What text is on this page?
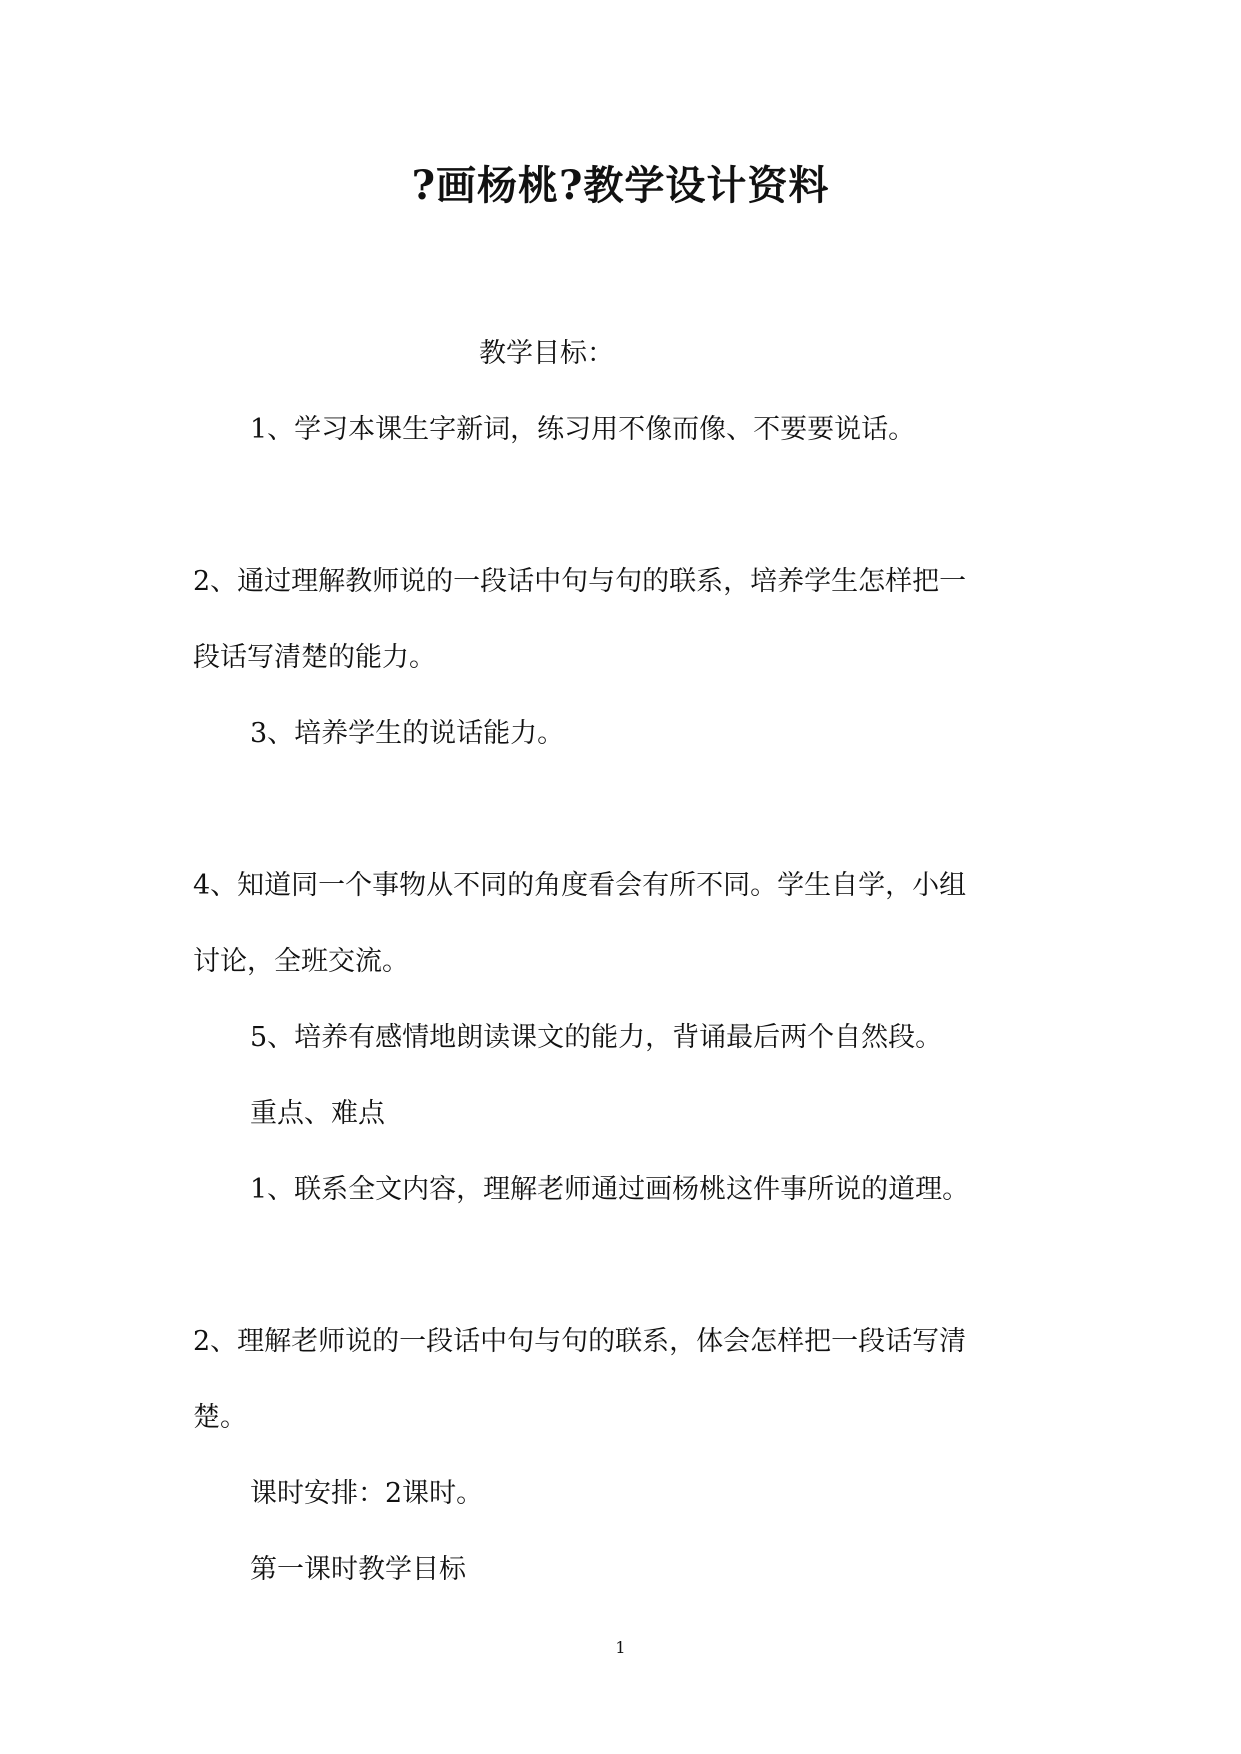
?画杨桃?教学设计资料
教学目标：
1、学习本课生字新词，练习用不像而像、不要要说话。
2、通过理解教师说的一段话中句与句的联系，培养学生怎样把一
段话写清楚的能力。
3、培养学生的说话能力。
4、知道同一个事物从不同的角度看会有所不同。学生自学，小组
讨论，全班交流。
5、培养有感情地朗读课文的能力，背诵最后两个自然段。
重点、难点
1、联系全文内容，理解老师通过画杨桃这件事所说的道理。
2、理解老师说的一段话中句与句的联系，体会怎样把一段话写清
楚。
课时安排：2课时。
第一课时教学目标
1
